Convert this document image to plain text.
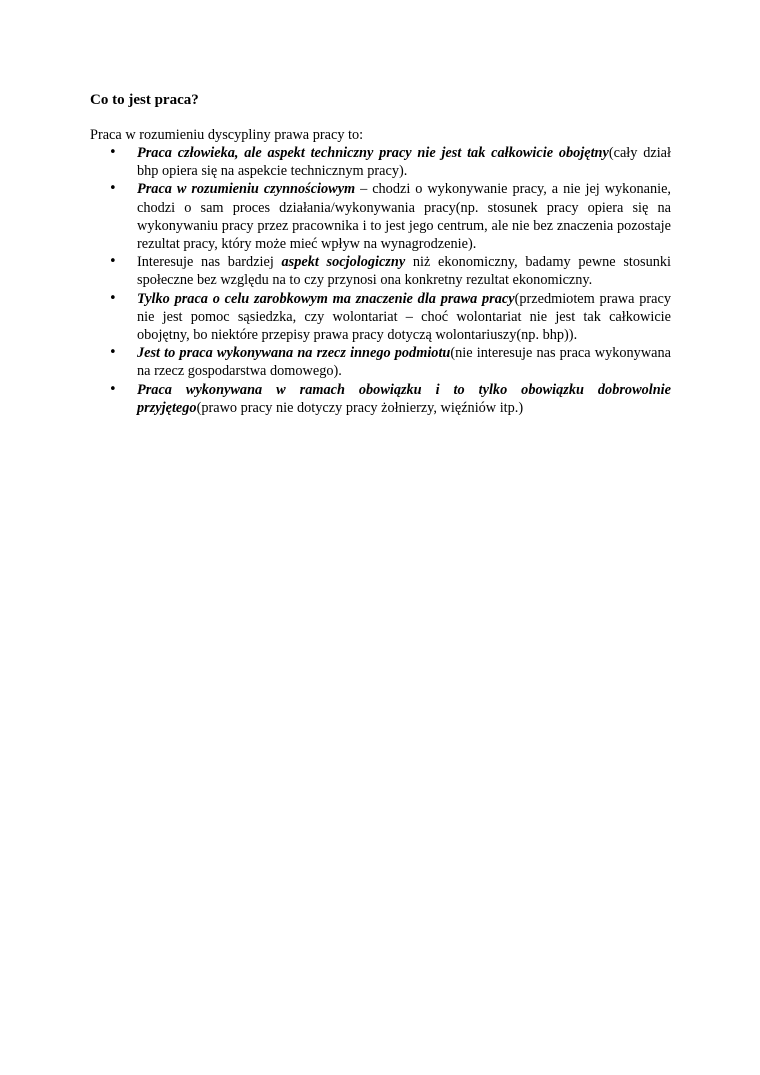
Co to jest praca?
Praca w rozumieniu dyscypliny prawa pracy to:
• Praca człowieka, ale aspekt techniczny pracy nie jest tak całkowicie obojętny(cały dział bhp opiera się na aspekcie technicznym pracy).
• Praca w rozumieniu czynnościowym – chodzi o wykonywanie pracy, a nie jej wykonanie, chodzi o sam proces działania/wykonywania pracy(np. stosunek pracy opiera się na wykonywaniu pracy przez pracownika i to jest jego centrum, ale nie bez znaczenia pozostaje rezultat pracy, który może mieć wpływ na wynagrodzenie).
• Interesuje nas bardziej aspekt socjologiczny niż ekonomiczny, badamy pewne stosunki społeczne bez względu na to czy przynosi ona konkretny rezultat ekonomiczny.
• Tylko praca o celu zarobkowym ma znaczenie dla prawa pracy(przedmiotem prawa pracy nie jest pomoc sąsiedzka, czy wolontariat – choć wolontariat nie jest tak całkowicie obojętny, bo niektóre przepisy prawa pracy dotyczą wolontariuszy(np. bhp)).
• Jest to praca wykonywana na rzecz innego podmiotu(nie interesuje nas praca wykonywana na rzecz gospodarstwa domowego).
• Praca wykonywana w ramach obowiązku i to tylko obowiązku dobrowolnie przyjętego(prawo pracy nie dotyczy pracy żołnierzy, więźniów itp.)
